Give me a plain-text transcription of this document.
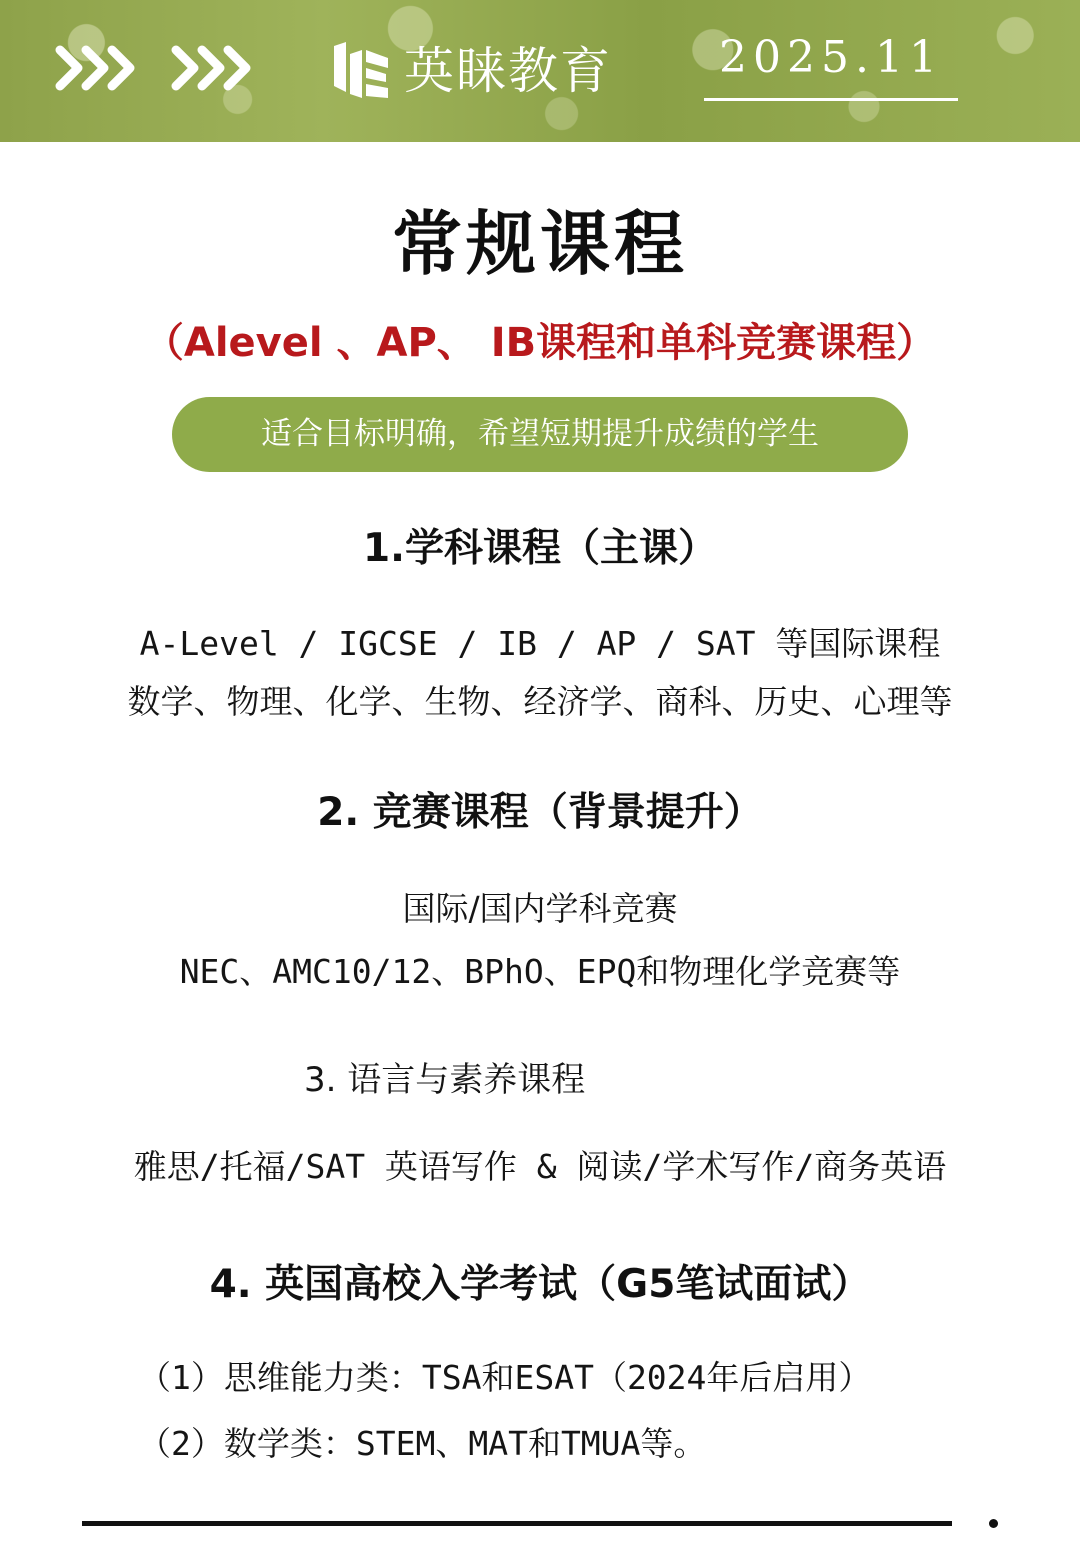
英睐教育 2025.11
常规课程
（Alevel 、AP、 IB课程和单科竞赛课程）
适合目标明确，希望短期提升成绩的学生
1.学科课程（主课）
A-Level / IGCSE / IB / AP / SAT 等国际课程
数学、物理、化学、生物、经济学、商科、历史、心理等
2. 竞赛课程（背景提升）
国际/国内学科竞赛
NEC、AMC10/12、BPhO、EPQ和物理化学竞赛等
3. 语言与素养课程
雅思/托福/SAT 英语写作 & 阅读/学术写作/商务英语
4. 英国高校入学考试（G5笔试面试）
（1）思维能力类：TSA和ESAT（2024年后启用）
（2）数学类：STEM、MAT和TMUA等。
